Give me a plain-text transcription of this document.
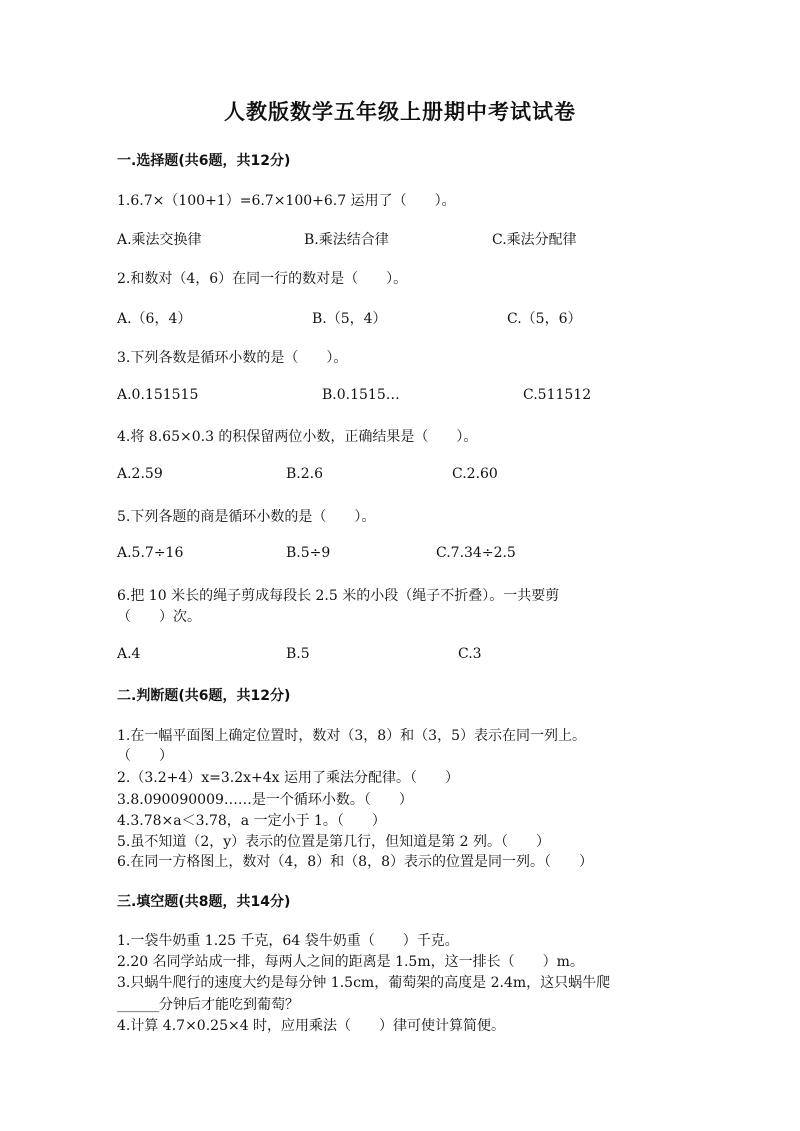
人教版数学五年级上册期中考试试卷
一.选择题(共6题，共12分)
1.6.7×（100+1）=6.7×100+6.7 运用了（　　）。
A.乘法交换律	B.乘法结合律	C.乘法分配律
2.和数对（4，6）在同一行的数对是（　　）。
A.（6，4）	B.（5，4）	C.（5，6）
3.下列各数是循环小数的是（　　）。
A.0.151515	B.0.1515…	C.511512
4.将 8.65×0.3 的积保留两位小数，正确结果是（　　）。
A.2.59	B.2.6	C.2.60
5.下列各题的商是循环小数的是（　　）。
A.5.7÷16	B.5÷9	C.7.34÷2.5
6.把 10 米长的绳子剪成每段长 2.5 米的小段（绳子不折叠）。一共要剪
（　　）次。
A.4	B.5	C.3
二.判断题(共6题，共12分)
1.在一幅平面图上确定位置时，数对（3，8）和（3，5）表示在同一列上。
（　　）
2.（3.2+4）x=3.2x+4x 运用了乘法分配律。（　　）
3.8.090090009……是一个循环小数。（　　）
4.3.78×a＜3.78，a 一定小于 1。（　　）
5.虽不知道（2，y）表示的位置是第几行，但知道是第 2 列。（　　）
6.在同一方格图上，数对（4，8）和（8，8）表示的位置是同一列。（　　）
三.填空题(共8题，共14分)
1.一袋牛奶重 1.25 千克，64 袋牛奶重（　　）千克。
2.20 名同学站成一排，每两人之间的距离是 1.5m，这一排长（　　）m。
3.只蜗牛爬行的速度大约是每分钟 1.5cm，葡萄架的高度是 2.4m，这只蜗牛爬
______分钟后才能吃到葡萄？
4.计算 4.7×0.25×4 时，应用乘法（　　）律可使计算简便。
